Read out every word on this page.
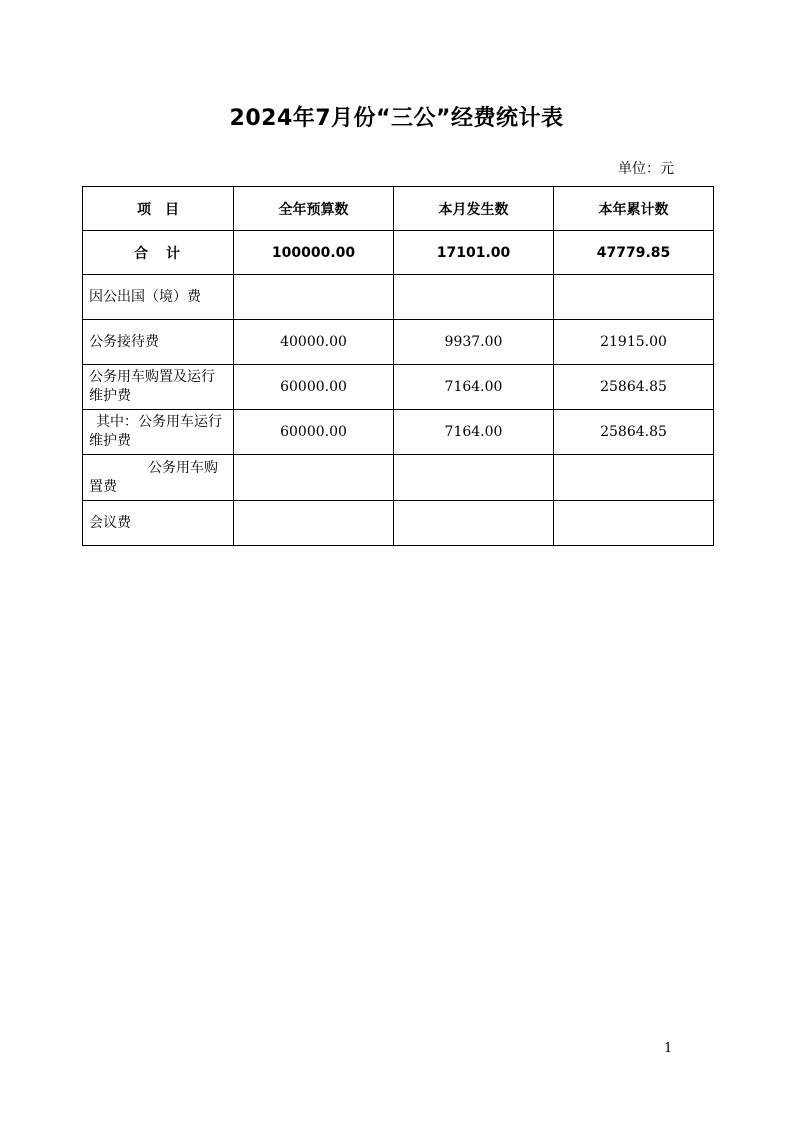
2024年7月份“三公”经费统计表
单位：元
项　目	全年预算数	本月发生数	本年累计数
合　计	100000.00	17101.00	47779.85

因公出国（境）费			

公务接待费	40000.00	9937.00	21915.00

公务用车购置及运行
维护费	60000.00	7164.00	25864.85

其中：公务用车运行
维护费	60000.00	7164.00	25864.85

公务用车购
置费			

会议费			

1
